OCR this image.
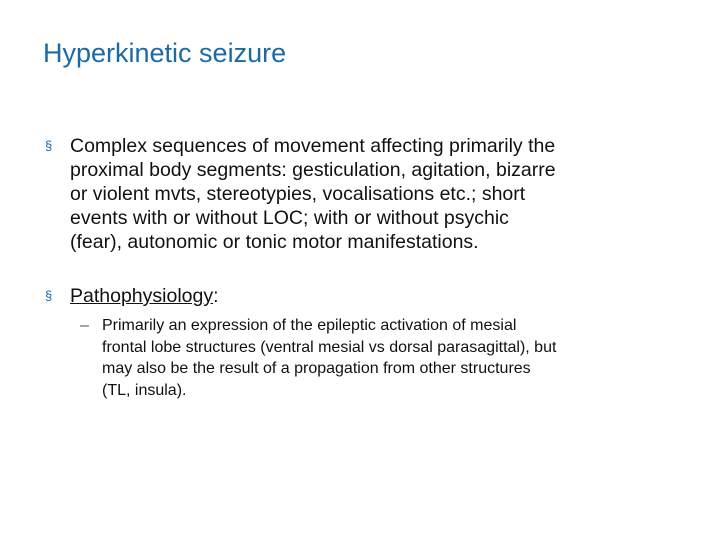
Hyperkinetic seizure
§ Complex sequences of movement affecting primarily the
proximal body segments: gesticulation, agitation, bizarre
or violent mvts, stereotypies, vocalisations etc.; short
events with or without LOC; with or without psychic
(fear), autonomic or tonic motor manifestations.
§ Pathophysiology:
– Primarily an expression of the epileptic activation of mesial
frontal lobe structures (ventral mesial vs dorsal parasagittal), but
may also be the result of a propagation from other structures
(TL, insula).
